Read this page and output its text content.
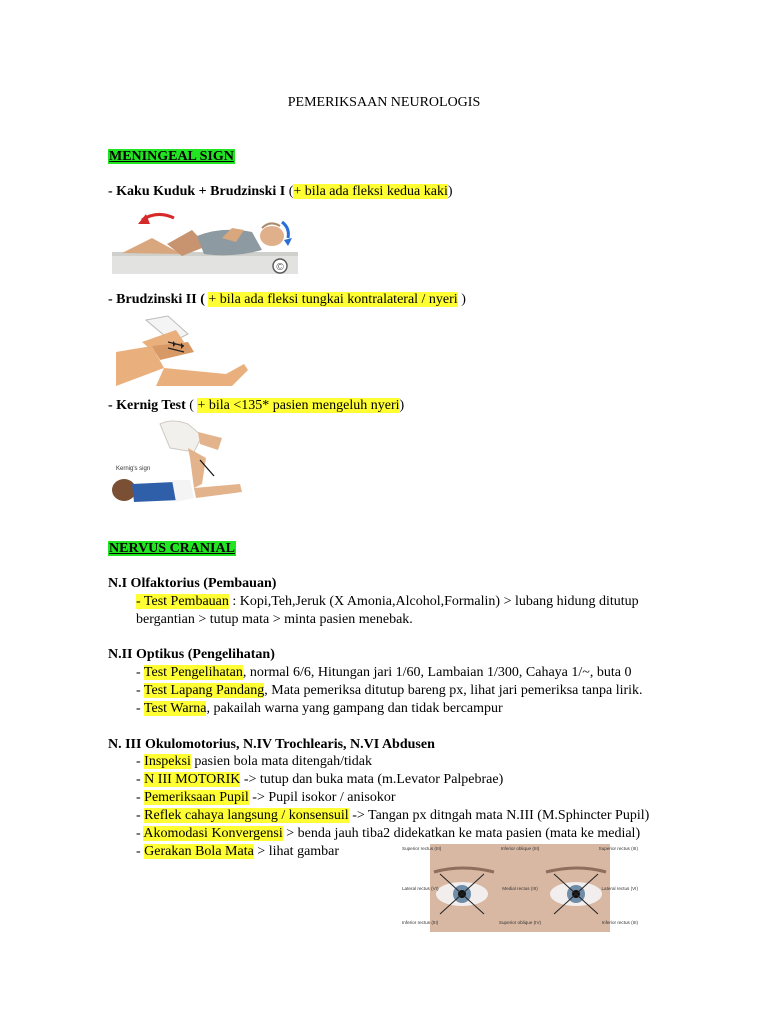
PEMERIKSAAN NEUROLOGIS
MENINGEAL SIGN
- Kaku Kuduk + Brudzinski I (+ bila ada fleksi kedua kaki)
©
- Brudzinski II ( + bila ada fleksi tungkai kontralateral / nyeri )
- Kernig Test ( + bila <135* pasien mengeluh nyeri)
Kernig's sign
NERVUS CRANIAL
N.I Olfaktorius (Pembauan)
- Test Pembauan : Kopi,Teh,Jeruk (X Amonia,Alcohol,Formalin) > lubang hidung ditutup
bergantian > tutup mata > minta pasien menebak.
N.II Optikus (Pengelihatan)
- Test Pengelihatan, normal 6/6, Hitungan jari 1/60, Lambaian 1/300, Cahaya 1/~, buta 0
- Test Lapang Pandang, Mata pemeriksa ditutup bareng px, lihat jari pemeriksa tanpa lirik.
- Test Warna, pakailah warna yang gampang dan tidak bercampur
N. III Okulomotorius, N.IV Trochlearis, N.VI Abdusen
- Inspeksi pasien bola mata ditengah/tidak
- N III MOTORIK -> tutup dan buka mata (m.Levator Palpebrae)
- Pemeriksaan Pupil -> Pupil isokor / anisokor
- Reflek cahaya langsung / konsensuil -> Tangan px ditngah mata N.III (M.Sphincter Pupil)
- Akomodasi Konvergensi > benda jauh tiba2 didekatkan ke mata pasien (mata ke medial)
- Gerakan Bola Mata > lihat gambar	Superior rectus (III)
Lateral rectus (VI)
Inferior rectus (III)
Inferior oblique (III)
Medial rectus (III)
Superior oblique (IV)
Superior rectus (III)
Lateral rectus (VI)
Inferior rectus (III)
